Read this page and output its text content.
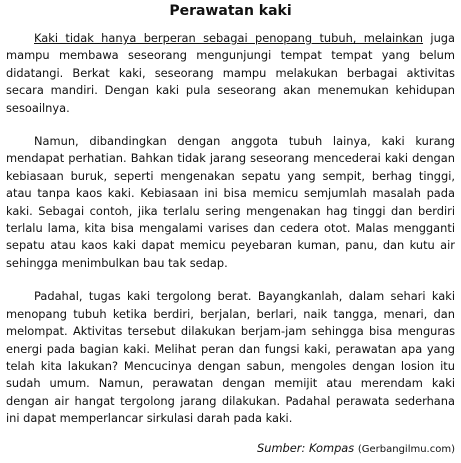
Perawatan kaki

Kaki tidak hanya berperan sebagai penopang tubuh, melainkan juga mampu membawa seseorang mengunjungi tempat tempat yang belum didatangi. Berkat kaki, seseorang mampu melakukan berbagai aktivitas secara mandiri. Dengan kaki pula seseorang akan menemukan kehidupan sesoailnya.

Namun, dibandingkan dengan anggota tubuh lainya, kaki kurang mendapat perhatian. Bahkan tidak jarang seseorang mencederai kaki dengan kebiasaan buruk, seperti mengenakan sepatu yang sempit, berhag tinggi, atau tanpa kaos kaki. Kebiasaan ini bisa memicu semjumlah masalah pada kaki. Sebagai contoh, jika terlalu sering mengenakan hag tinggi dan berdiri terlalu lama, kita bisa mengalami varises dan cedera otot. Malas mengganti sepatu atau kaos kaki dapat memicu peyebaran kuman, panu, dan kutu air sehingga menimbulkan bau tak sedap.

Padahal, tugas kaki tergolong berat. Bayangkanlah, dalam sehari kaki menopang tubuh ketika berdiri, berjalan, berlari, naik tangga, menari, dan melompat. Aktivitas tersebut dilakukan berjam-jam sehingga bisa menguras energi pada bagian kaki. Melihat peran dan fungsi kaki, perawatan apa yang telah kita lakukan? Mencucinya dengan sabun, mengoles dengan losion itu sudah umum. Namun, perawatan dengan memijit atau merendam kaki dengan air hangat tergolong jarang dilakukan. Padahal perawata sederhana ini dapat memperlancar sirkulasi darah pada kaki.

Sumber: Kompas (Gerbangilmu.com)
